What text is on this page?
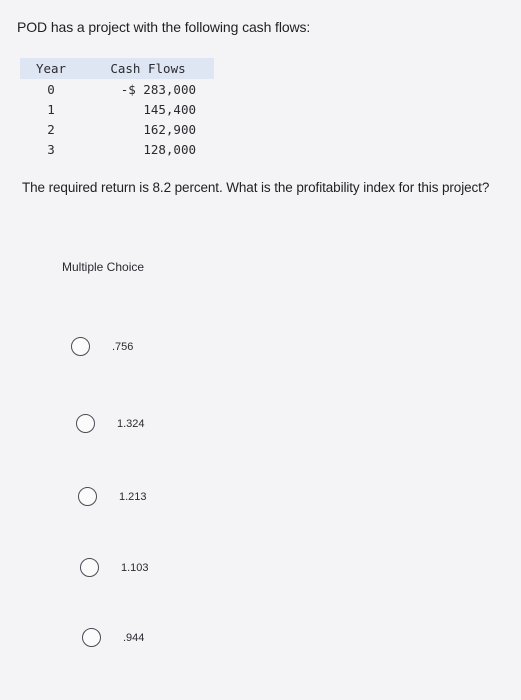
POD has a project with the following cash flows:
Year	Cash Flows
0	-$ 283,000
1	145,400
2	162,900
3	128,000
The required return is 8.2 percent. What is the profitability index for this project?
Multiple Choice
.756
1.324
1.213
1.103
.944
